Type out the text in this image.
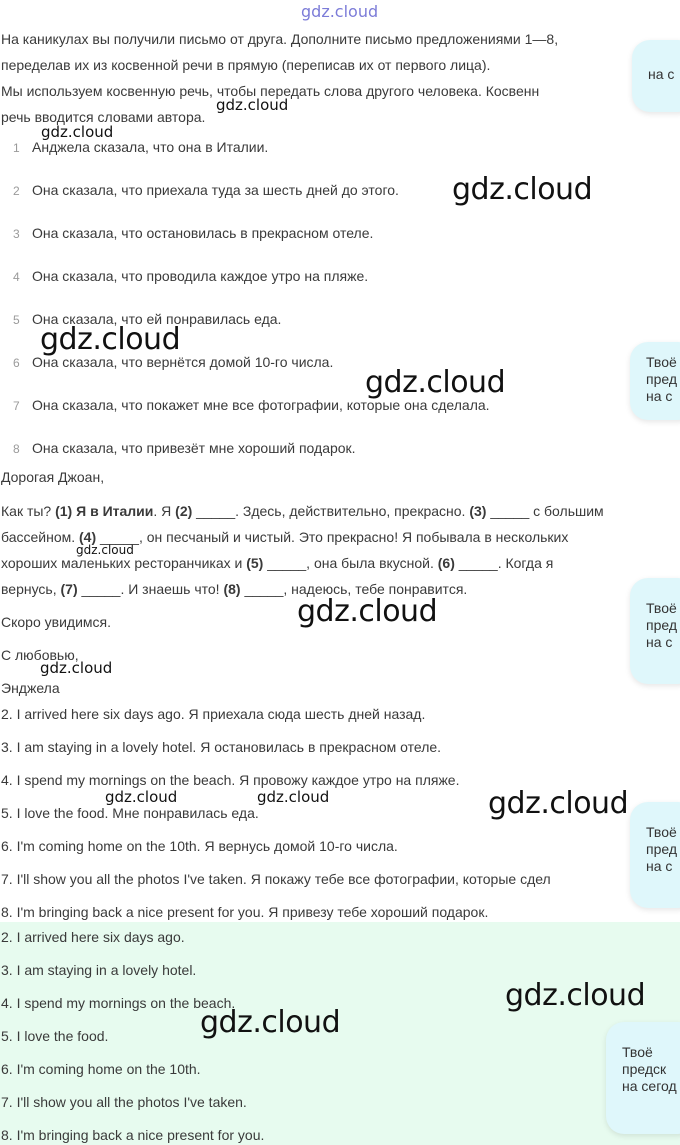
gdz.cloud
На каникулах вы получили письмо от друга. Дополните письмо предложениями 1—8,
переделав их из косвенной речи в прямую (переписав их от первого лица).
Мы используем косвенную речь, чтобы передать слова другого человека. Косвенн
речь вводится словами автора.
1 Анджела сказала, что она в Италии.
2 Она сказала, что приехала туда за шесть дней до этого.
3 Она сказала, что остановилась в прекрасном отеле.
4 Она сказала, что проводила каждое утро на пляже.
5 Она сказала, что ей понравилась еда.
6 Она сказала, что вернётся домой 10-го числа.
7 Она сказала, что покажет мне все фотографии, которые она сделала.
8 Она сказала, что привезёт мне хороший подарок.
Дорогая Джоан,
Как ты? (1) Я в Италии. Я (2) _____. Здесь, действительно, прекрасно. (3) _____ с большим
бассейном. (4) _____, он песчаный и чистый. Это прекрасно! Я побывала в нескольких
хороших маленьких ресторанчиках и (5) _____, она была вкусной. (6) _____. Когда я
вернусь, (7) _____. И знаешь что! (8) _____, надеюсь, тебе понравится.
Скоро увидимся.
С любовью,
Энджела
2. I arrived here six days ago. Я приехала сюда шесть дней назад.
3. I am staying in a lovely hotel. Я остановилась в прекрасном отеле.
4. I spend my mornings on the beach. Я провожу каждое утро на пляже.
5. I love the food. Мне понравилась еда.
6. I'm coming home on the 10th. Я вернусь домой 10-го числа.
7. I'll show you all the photos I've taken. Я покажу тебе все фотографии, которые сдел
8. I'm bringing back a nice present for you. Я привезу тебе хороший подарок.
2. I arrived here six days ago.
3. I am staying in a lovely hotel.
4. I spend my mornings on the beach.
5. I love the food.
6. I'm coming home on the 10th.
7. I'll show you all the photos I've taken.
8. I'm bringing back a nice present for you.
на с
Твоё
пред
на с
Твоё
пред
на с
Твоё
пред
на с
Твоё
предск
на сегод
gdz.cloud
gdz.cloud
gdz.cloud
gdz.cloud
gdz.cloud
gdz.cloud
gdz.cloud
gdz.cloud
gdz.cloud	gdz.cloud	gdz.cloud
gdz.cloud
gdz.cloud
